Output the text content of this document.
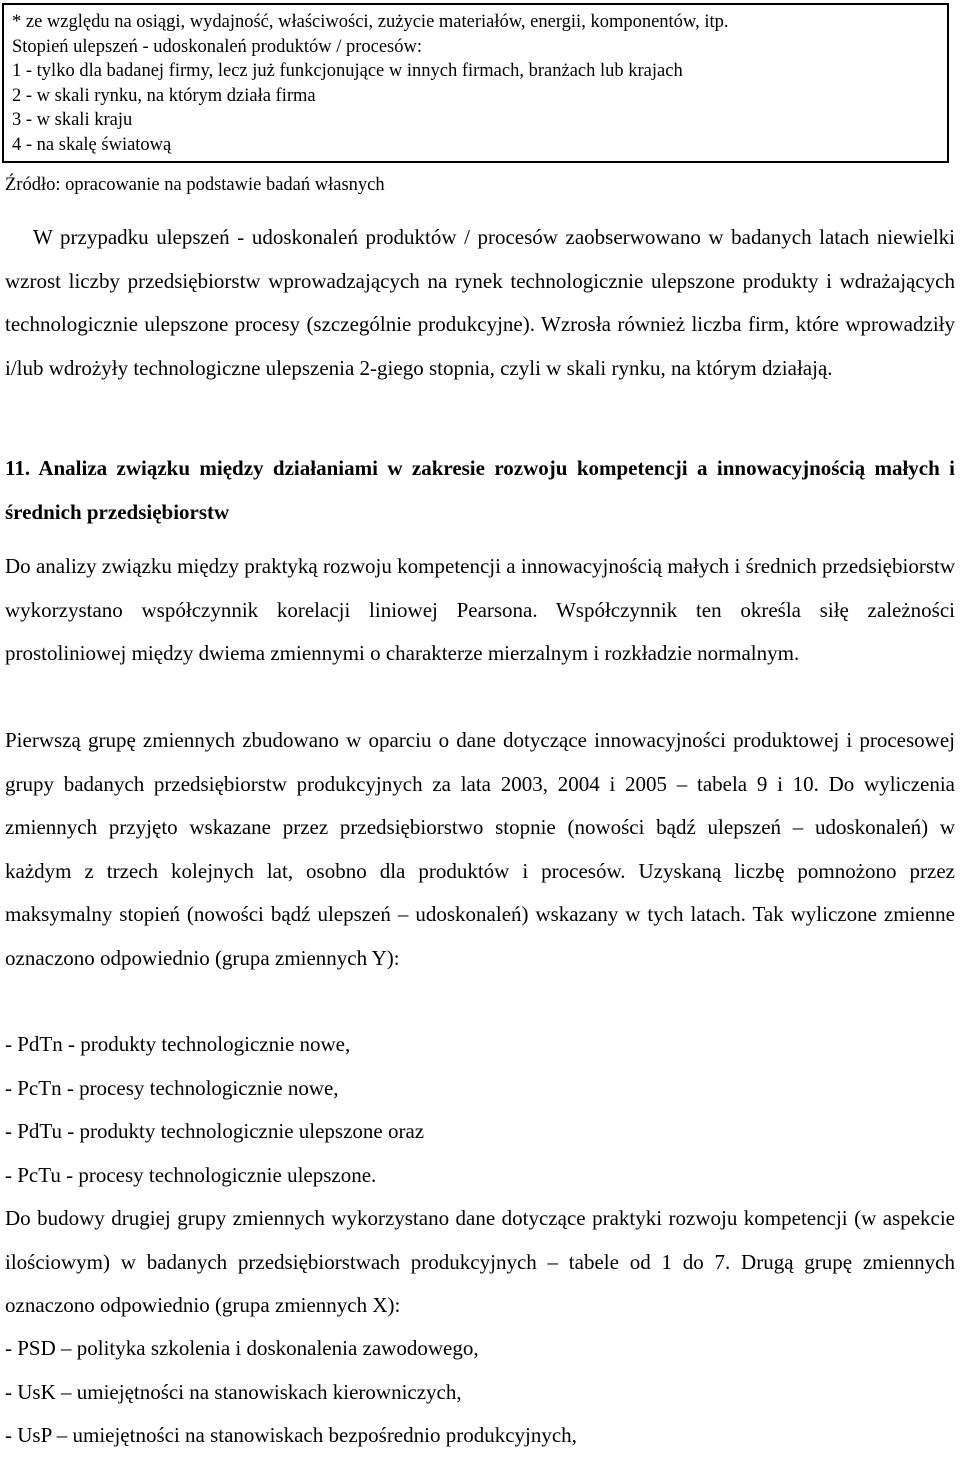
* ze względu na osiągi, wydajność, właściwości, zużycie materiałów, energii, komponentów, itp.
Stopień ulepszeń - udoskonaleń produktów / procesów:
1 - tylko dla badanej firmy, lecz już funkcjonujące w innych firmach, branżach lub krajach
2 - w skali rynku, na którym działa firma
3 - w skali kraju
4 - na skalę światową
Źródło: opracowanie na podstawie badań własnych

W przypadku ulepszeń - udoskonaleń produktów / procesów zaobserwowano w badanych latach niewielki wzrost liczby przedsiębiorstw wprowadzających na rynek technologicznie ulepszone produkty i wdrażających technologicznie ulepszone procesy (szczególnie produkcyjne). Wzrosła również liczba firm, które wprowadziły i/lub wdrożyły technologiczne ulepszenia 2-giego stopnia, czyli w skali rynku, na którym działają.

11. Analiza związku między działaniami w zakresie rozwoju kompetencji a innowacyjnością małych i średnich przedsiębiorstw

Do analizy związku między praktyką rozwoju kompetencji a innowacyjnością małych i średnich przedsiębiorstw wykorzystano współczynnik korelacji liniowej Pearsona. Współczynnik ten określa siłę zależności prostoliniowej między dwiema zmiennymi o charakterze mierzalnym i rozkładzie normalnym.

Pierwszą grupę zmiennych zbudowano w oparciu o dane dotyczące innowacyjności produktowej i procesowej grupy badanych przedsiębiorstw produkcyjnych za lata 2003, 2004 i 2005 – tabela 9 i 10. Do wyliczenia zmiennych przyjęto wskazane przez przedsiębiorstwo stopnie (nowości bądź ulepszeń – udoskonaleń) w każdym z trzech kolejnych lat, osobno dla produktów i procesów. Uzyskaną liczbę pomnożono przez maksymalny stopień (nowości bądź ulepszeń – udoskonaleń) wskazany w tych latach. Tak wyliczone zmienne oznaczono odpowiednio (grupa zmiennych Y):

- PdTn - produkty technologicznie nowe,
- PcTn - procesy technologicznie nowe,
- PdTu - produkty technologicznie ulepszone oraz
- PcTu - procesy technologicznie ulepszone.

Do budowy drugiej grupy zmiennych wykorzystano dane dotyczące praktyki rozwoju kompetencji (w aspekcie ilościowym) w badanych przedsiębiorstwach produkcyjnych – tabele od 1 do 7. Drugą grupę zmiennych oznaczono odpowiednio (grupa zmiennych X):

- PSD – polityka szkolenia i doskonalenia zawodowego,
- UsK – umiejętności na stanowiskach kierowniczych,
- UsP – umiejętności na stanowiskach bezpośrednio produkcyjnych,
